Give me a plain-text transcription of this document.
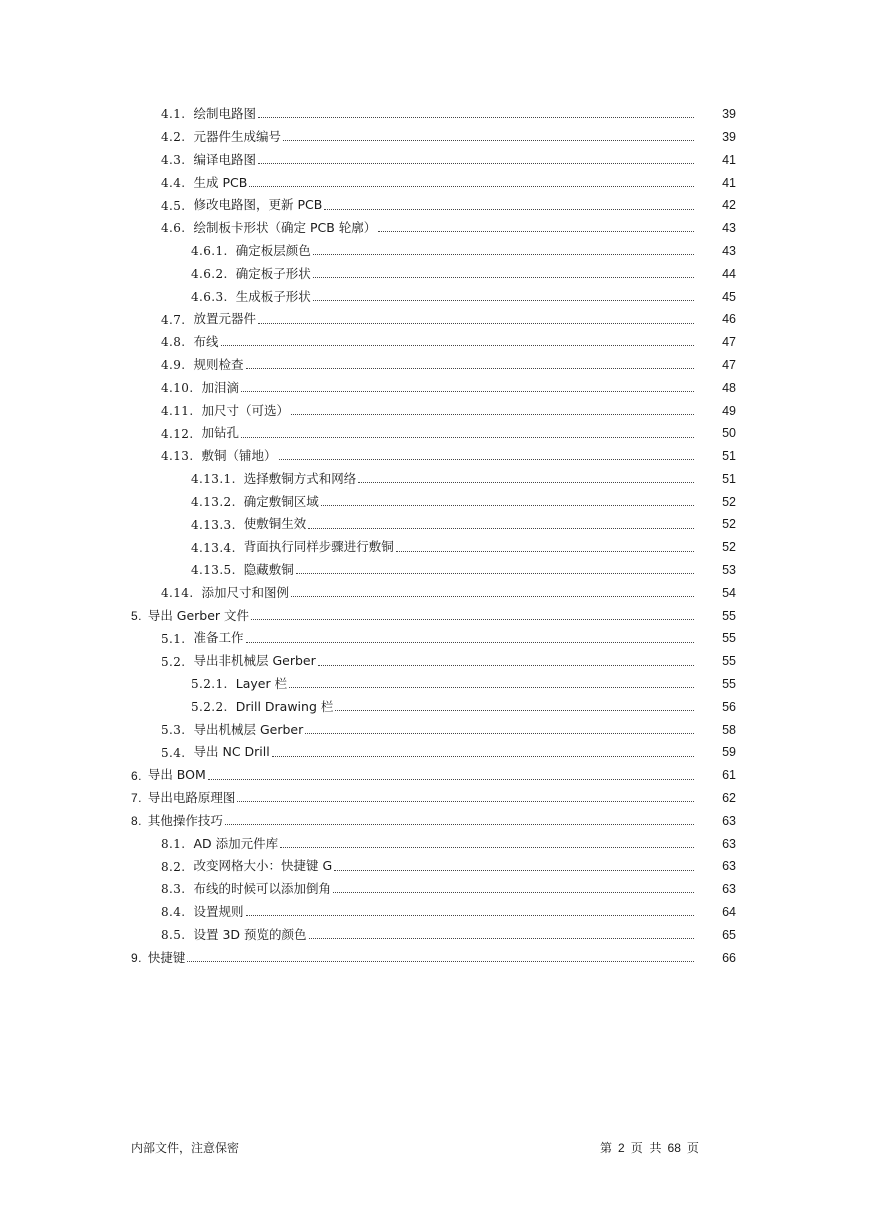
4.1. 绘制电路图	39
4.2. 元器件生成编号	39
4.3. 编译电路图	41
4.4. 生成 PCB	41
4.5. 修改电路图，更新 PCB	42
4.6. 绘制板卡形状（确定 PCB 轮廓）	43
4.6.1. 确定板层颜色	43
4.6.2. 确定板子形状	44
4.6.3. 生成板子形状	45
4.7. 放置元器件	46
4.8. 布线	47
4.9. 规则检查	47
4.10. 加泪滴	48
4.11. 加尺寸（可选）	49
4.12. 加钻孔	50
4.13. 敷铜（铺地）	51
4.13.1. 选择敷铜方式和网络	51
4.13.2. 确定敷铜区域	52
4.13.3. 使敷铜生效	52
4.13.4. 背面执行同样步骤进行敷铜	52
4.13.5. 隐藏敷铜	53
4.14. 添加尺寸和图例	54
5. 导出 Gerber 文件	55
5.1. 准备工作	55
5.2. 导出非机械层 Gerber	55
5.2.1. Layer 栏	55
5.2.2. Drill Drawing 栏	56
5.3. 导出机械层 Gerber	58
5.4. 导出 NC Drill	59
6. 导出 BOM	61
7. 导出电路原理图	62
8. 其他操作技巧	63
8.1. AD 添加元件库	63
8.2. 改变网格大小：快捷键 G	63
8.3. 布线的时候可以添加倒角	63
8.4. 设置规则	64
8.5. 设置 3D 预览的颜色	65
9. 快捷键	66
内部文件，注意保密	第 2 页 共 68 页
